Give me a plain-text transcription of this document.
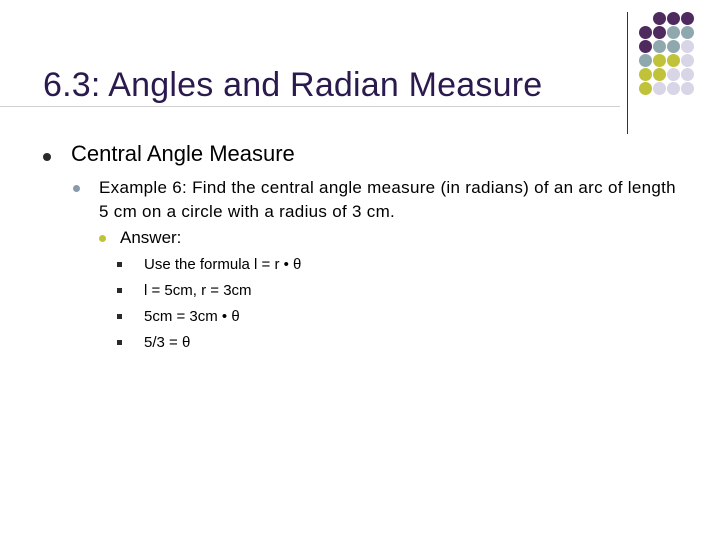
6.3: Angles and Radian Measure
Central Angle Measure
Example 6: Find the central angle measure (in radians) of an arc of length 5 cm on a circle with a radius of 3 cm.
Answer:
Use the formula l = r • θ
l = 5cm, r = 3cm
5cm = 3cm • θ
5/3 = θ
